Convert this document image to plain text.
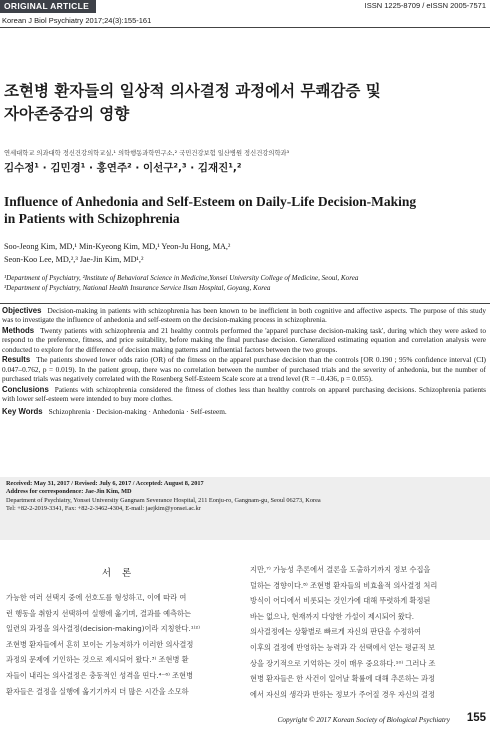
ORIGINAL ARTICLE	ISSN 1225-8709 / eISSN 2005-7571
Korean J Biol Psychiatry 2017;24(3):155-161
조현병 환자들의 일상적 의사결정 과정에서 무쾌감증 및
자아존중감의 영향
연세대학교 의과대학 정신건강의학교실,¹ 의학행동과학연구소,² 국민건강보험 일산병원 정신건강의학과³
김수정¹ · 김민경¹ · 홍연주² · 이선구²,³ · 김재진¹,²
Influence of Anhedonia and Self-Esteem on Daily-Life Decision-Making
in Patients with Schizophrenia
Soo-Jeong Kim, MD,¹ Min-Kyeong Kim, MD,¹ Yeon-Ju Hong, MA,²
Seon-Koo Lee, MD,²,³ Jae-Jin Kim, MD¹,²
¹Department of Psychiatry, ²Institute of Behavioral Science in Medicine,Yonsei University College of Medicine, Seoul, Korea
³Department of Psychiatry, National Health Insurance Service Ilsan Hospital, Goyang, Korea

Objectives Decision-making in patients with schizophrenia has been known to be inefficient in both cognitive and affective aspects. The purpose of this study was to investigate the influence of anhedonia and self-esteem on the decision-making process in schizophrenia.

Methods Twenty patients with schizophrenia and 21 healthy controls performed the 'apparel purchase decision-making task', during which they were asked to respond to the preference, fitness, and price suitability, before making the final purchase decision. Generalized estimating equation and correlation analysis were conducted to explore for the difference of decision making patterns and influential factors between the two groups.

Results The patients showed lower odds ratio (OR) of the fitness on the apparel purchase decision than the controls [OR 0.190 ; 95% confidence interval (CI) 0.047–0.762, p = 0.019). In the patient group, there was no correlation between the number of purchased trials and the severity of anhedonia, but the number of purchased trials was negatively correlated with the Rosenberg Self-Esteem Scale score at a trend level (R = –0.436, p = 0.055).

Conclusions Patients with schizophrenia considered the fitness of clothes less than healthy controls on apparel purchasing decisions. Schizophrenia patients with lower self-esteem were intended to buy more clothes.

Key Words Schizophrenia · Decision-making · Anhedonia · Self-esteem.

Received: May 31, 2017 / Revised: July 6, 2017 / Accepted: August 8, 2017
Address for correspondence: Jae-Jin Kim, MD
Department of Psychiatry, Yonsei University Gangnam Severance Hospital, 211 Eonju-ro, Gangnam-gu, Seoul 06273, Korea
Tel: +82-2-2019-3341, Fax: +82-2-3462-4304, E-mail: jaejkim@yonsei.ac.kr
서론
가능한 여러 선택지 중에 선호도를 형성하고, 이에 따라 여
런 행동을 취함지 선택하여 실행에 옮기며, 결과를 예측하는
일련의 과정을 의사결정(decision-making)이라 지칭한다.¹⁾²⁾
조현병 환자들에서 흔히 보이는 기능저하가 이러한 의사결정
과정의 문제에 기인하는 것으로 제시되어 왔다.³⁾ 조현병 환
자들이 내리는 의사결정은 충동적인 성격을 띤다.⁴⁻⁶⁾ 조현병
환자들은 결정을 실행에 옮기기까지 더 많은 시간을 소모하
지만,⁷⁾ 가능성 추론에서 결론을 도출하기까지 정보 수집을
덜하는 경향이다.⁸⁾ 조현병 환자들의 비효율적 의사결정 처리
방식이 어디에서 비롯되는 것인가에 대해 뚜렷하게 확정된
바는 없으나, 현재까지 다양한 가설이 제시되어 왔다.
의사결정에는 상황별로 빠르게 자신의 판단을 수정하여
이후의 결정에 반영하는 능력과 각 선택에서 얻는 평균적 보
상을 장기적으로 기억하는 것이 매우 중요하다.¹⁰⁾ 그러나 조
현병 환자들은 한 사건이 일어날 확률에 대해 추론하는 과정
에서 자신의 생각과 반하는 정보가 주어질 경우 자신의 결정
Copyright © 2017 Korean Society of Biological Psychiatry 155
